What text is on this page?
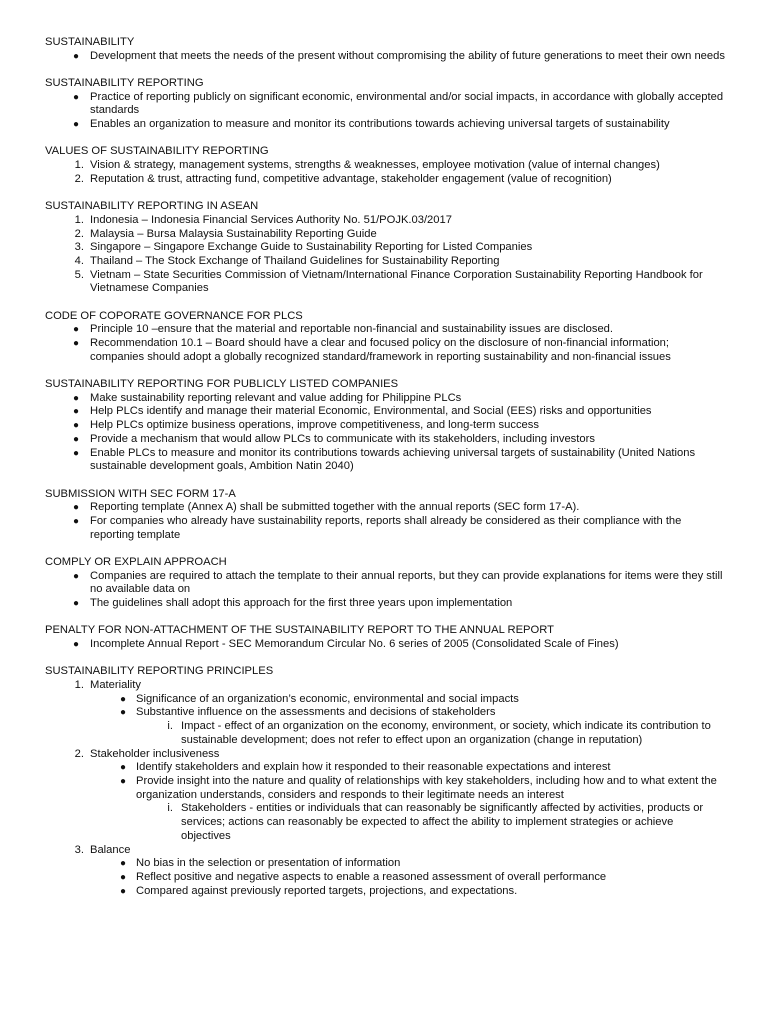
SUSTAINABILITY
● Development that meets the needs of the present without compromising the ability of future generations to meet their own needs
SUSTAINABILITY REPORTING
● Practice of reporting publicly on significant economic, environmental and/or social impacts, in accordance with globally accepted standards
● Enables an organization to measure and monitor its contributions towards achieving universal targets of sustainability
VALUES OF SUSTAINABILITY REPORTING
1. Vision & strategy, management systems, strengths & weaknesses, employee motivation (value of internal changes)
2. Reputation & trust, attracting fund, competitive advantage, stakeholder engagement (value of recognition)
SUSTAINABILITY REPORTING IN ASEAN
1. Indonesia – Indonesia Financial Services Authority No. 51/POJK.03/2017
2. Malaysia – Bursa Malaysia Sustainability Reporting Guide
3. Singapore – Singapore Exchange Guide to Sustainability Reporting for Listed Companies
4. Thailand – The Stock Exchange of Thailand Guidelines for Sustainability Reporting
5. Vietnam – State Securities Commission of Vietnam/International Finance Corporation Sustainability Reporting Handbook for Vietnamese Companies
CODE OF COPORATE GOVERNANCE FOR PLCS
● Principle 10 –ensure that the material and reportable non-financial and sustainability issues are disclosed.
● Recommendation 10.1 – Board should have a clear and focused policy on the disclosure of non-financial information; companies should adopt a globally recognized standard/framework in reporting sustainability and non-financial issues
SUSTAINABILITY REPORTING FOR PUBLICLY LISTED COMPANIES
● Make sustainability reporting relevant and value adding for Philippine PLCs
● Help PLCs identify and manage their material Economic, Environmental, and Social (EES) risks and opportunities
● Help PLCs optimize business operations, improve competitiveness, and long-term success
● Provide a mechanism that would allow PLCs to communicate with its stakeholders, including investors
● Enable PLCs to measure and monitor its contributions towards achieving universal targets of sustainability (United Nations sustainable development goals, Ambition Natin 2040)
SUBMISSION WITH SEC FORM 17-A
● Reporting template (Annex A) shall be submitted together with the annual reports (SEC form 17-A).
● For companies who already have sustainability reports, reports shall already be considered as their compliance with the reporting template
COMPLY OR EXPLAIN APPROACH
● Companies are required to attach the template to their annual reports, but they can provide explanations for items were they still no available data on
● The guidelines shall adopt this approach for the first three years upon implementation
PENALTY FOR NON-ATTACHMENT OF THE SUSTAINABILITY REPORT TO THE ANNUAL REPORT
● Incomplete Annual Report - SEC Memorandum Circular No. 6 series of 2005 (Consolidated Scale of Fines)
SUSTAINABILITY REPORTING PRINCIPLES
1. Materiality
● Significance of an organization’s economic, environmental and social impacts
● Substantive influence on the assessments and decisions of stakeholders
i. Impact - effect of an organization on the economy, environment, or society, which indicate its contribution to sustainable development; does not refer to effect upon an organization (change in reputation)
2. Stakeholder inclusiveness
● Identify stakeholders and explain how it responded to their reasonable expectations and interest
● Provide insight into the nature and quality of relationships with key stakeholders, including how and to what extent the organization understands, considers and responds to their legitimate needs an interest
i. Stakeholders - entities or individuals that can reasonably be significantly affected by activities, products or services; actions can reasonably be expected to affect the ability to implement strategies or achieve objectives
3. Balance
● No bias in the selection or presentation of information
● Reflect positive and negative aspects to enable a reasoned assessment of overall performance
● Compared against previously reported targets, projections, and expectations.
